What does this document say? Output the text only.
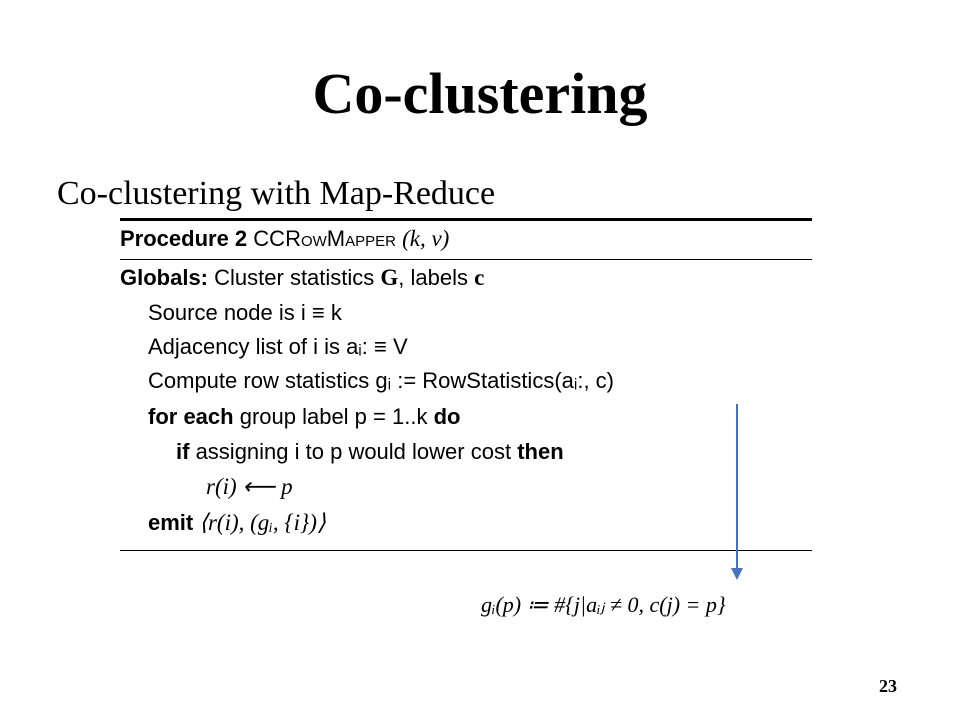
Co-clustering
Co-clustering with Map-Reduce
Procedure 2 CCRowMapper (k, v)
Globals: Cluster statistics G, labels c
Source node is i ≡ k
Adjacency list of i is aᵢ: ≡ V
Compute row statistics gᵢ := RowStatistics(aᵢ:, c)
for each group label p = 1..k do
if assigning i to p would lower cost then
r(i) ⟵ p
emit ⟨r(i), (gᵢ, {i})⟩
gᵢ(p) ≔ #{j|aᵢⱼ ≠ 0, c(j) = p}
23
